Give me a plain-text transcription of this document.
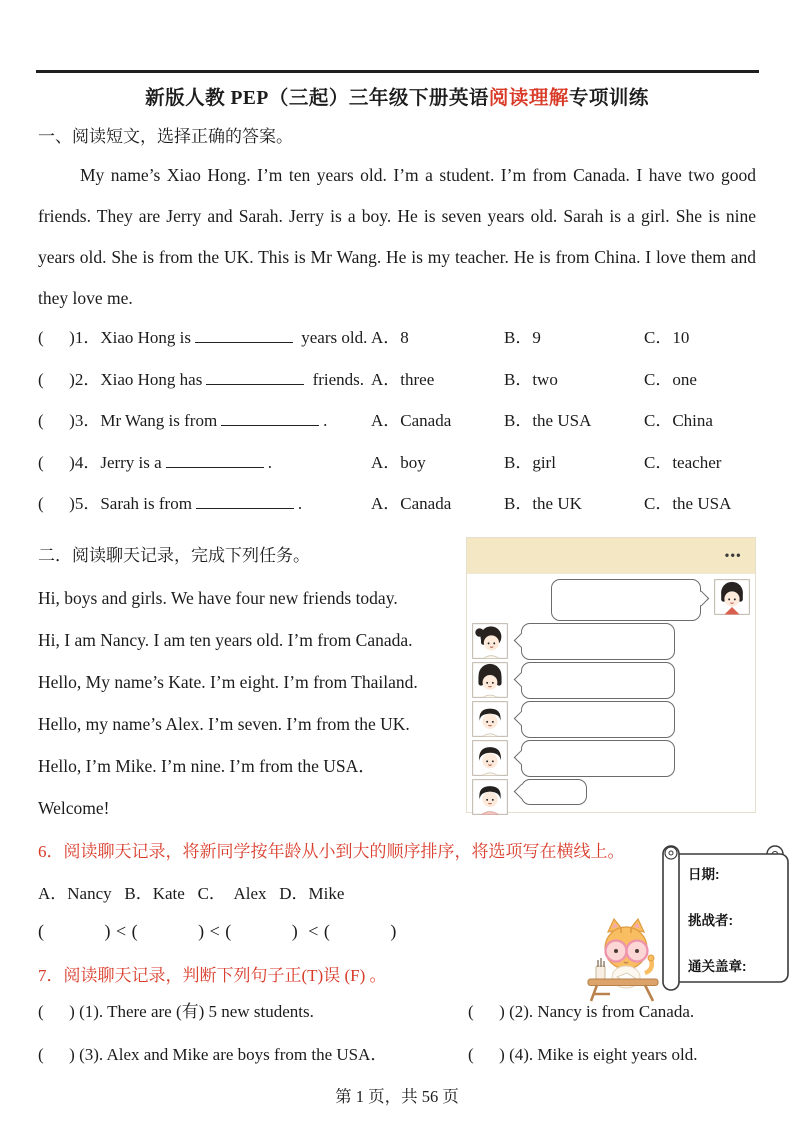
新版人教 PEP（三起）三年级下册英语阅读理解专项训练
一、阅读短文，选择正确的答案。

My name’s Xiao Hong. I’m ten years old. I’m a student. I’m from Canada. I have two good friends. They are Jerry and Sarah. Jerry is a boy. He is seven years old. Sarah is a girl. She is nine years old. She is from the UK. This is Mr Wang. He is my teacher. He is from China. I love them and they love me.

(      )1．Xiao Hong is	years old. A．8	B．9	C．10
(      )2．Xiao Hong has	friends. A．three	B．two	C．one
(      )3．Mr Wang is from	.	A．Canada	B．the USA	C．China
(      )4．Jerry is a	.	A．boy	B．girl	C．teacher
(      )5．Sarah is from	.	A．Canada	B．the UK	C．the USA
二．阅读聊天记录，完成下列任务。
Hi, boys and girls. We have four new friends today.
Hi, I am Nancy. I am ten years old. I’m from Canada.
Hello, My name’s Kate. I’m eight. I’m from Thailand.
Hello, my name’s Alex. I’m seven. I’m from the UK.
Hello, I’m Mike. I’m nine. I’m from the USA．
Welcome!
•••
6．阅读聊天记录，将新同学按年龄从小到大的顺序排序，将选项写在横线上。
A．Nancy   B．Kate   C．  Alex   D．Mike
(            ) < (            ) < (            )  < (            )
7．阅读聊天记录，判断下列句子正(T)误 (F) 。
(      ) (1). There are (有) 5 new students.	(      ) (2). Nancy is from Canada.
(      ) (3). Alex and Mike are boys from the USA．	(      ) (4). Mike is eight years old.
第 1 页，共 56 页
日期:
挑战者:
通关盖章:
